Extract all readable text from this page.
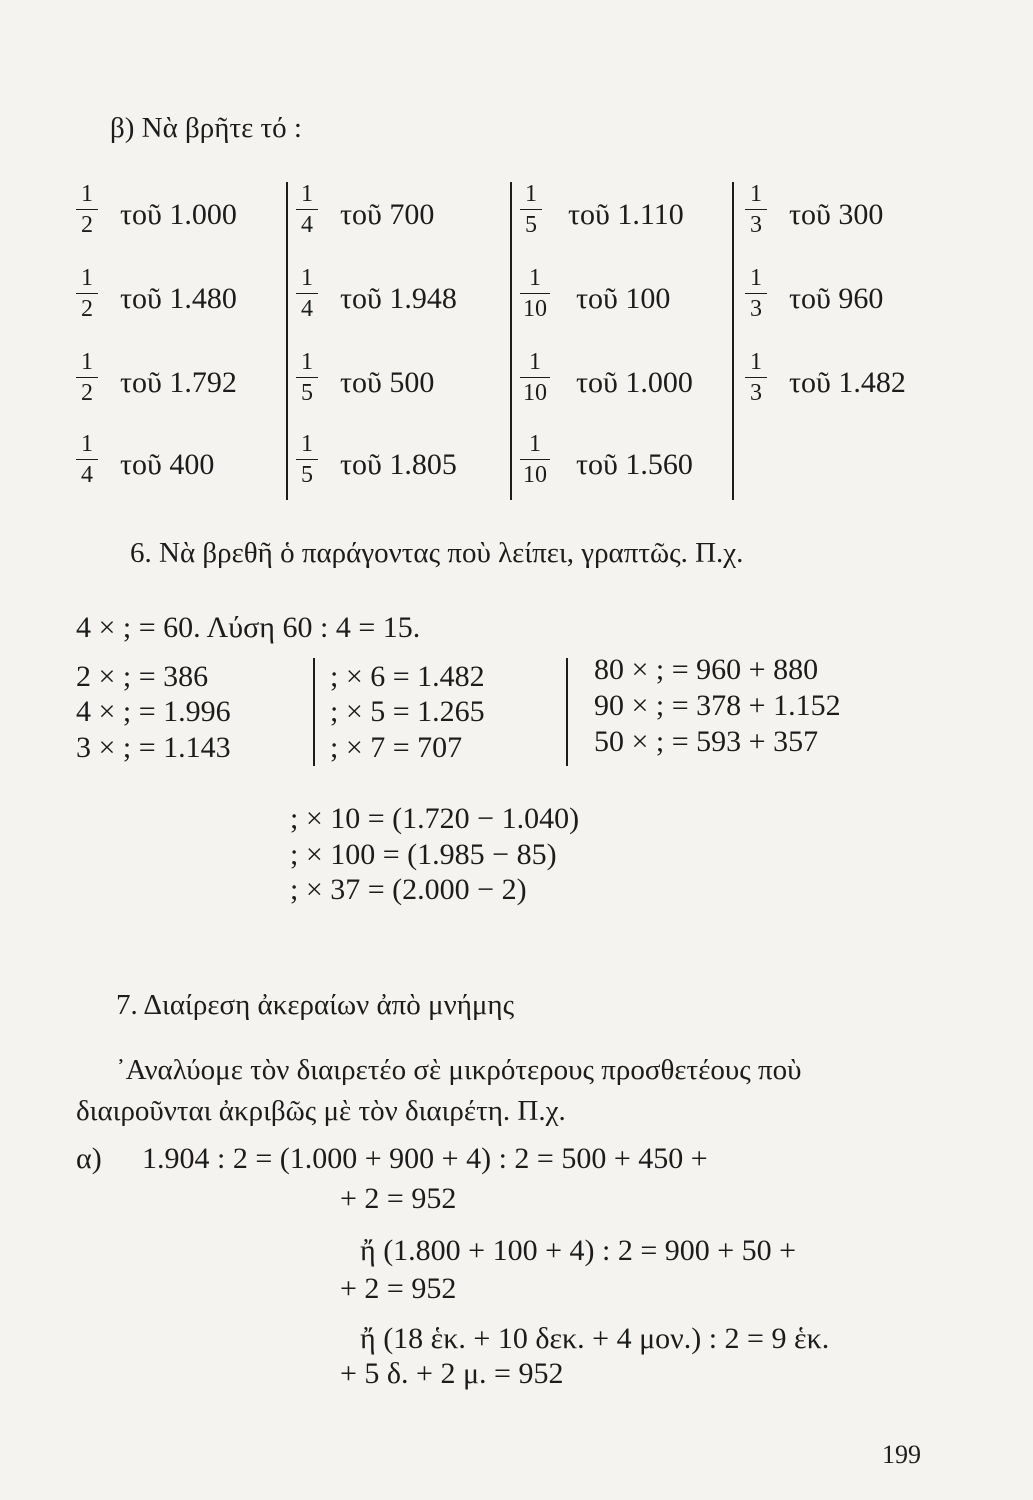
β) Νὰ βρῆτε τό :
1
2 τοῦ 1.000
1
2 τοῦ 1.480
1
2 τοῦ 1.792
1
4 τοῦ 400
1
4 τοῦ 700
1
4 τοῦ 1.948
1
5 τοῦ 500
1
5 τοῦ 1.805
1
5 τοῦ 1.110
1
10 τοῦ 100
1
10 τοῦ 1.000
1
10 τοῦ 1.560
1
3 τοῦ 300
1
3 τοῦ 960
1
3 τοῦ 1.482
6. Νὰ βρεθῆ ὁ παράγοντας ποὺ λείπει, γραπτῶς. Π.χ.
4 × ; = 60. Λύση 60 : 4 = 15.
2 × ; = 386
4 × ; = 1.996
3 × ; = 1.143
; × 6 = 1.482
; × 5 = 1.265
; × 7 = 707
80 × ; = 960 + 880
90 × ; = 378 + 1.152
50 × ; = 593 + 357
; × 10 = (1.720 − 1.040)
; × 100 = (1.985 − 85)
; × 37 = (2.000 − 2)
7. Διαίρεση ἀκεραίων ἀπὸ μνήμης
᾿Αναλύομε τὸν διαιρετέο σὲ μικρότερους προσθετέους ποὺ
διαιροῦνται ἀκριβῶς μὲ τὸν διαιρέτη. Π.χ.
α) 1.904 : 2 = (1.000 + 900 + 4) : 2 = 500 + 450 +
+ 2 = 952
ἤ (1.800 + 100 + 4) : 2 = 900 + 50 +
+ 2 = 952
ἤ (18 ἑκ. + 10 δεκ. + 4 μον.) : 2 = 9 ἑκ.
+ 5 δ. + 2 μ. = 952
199
